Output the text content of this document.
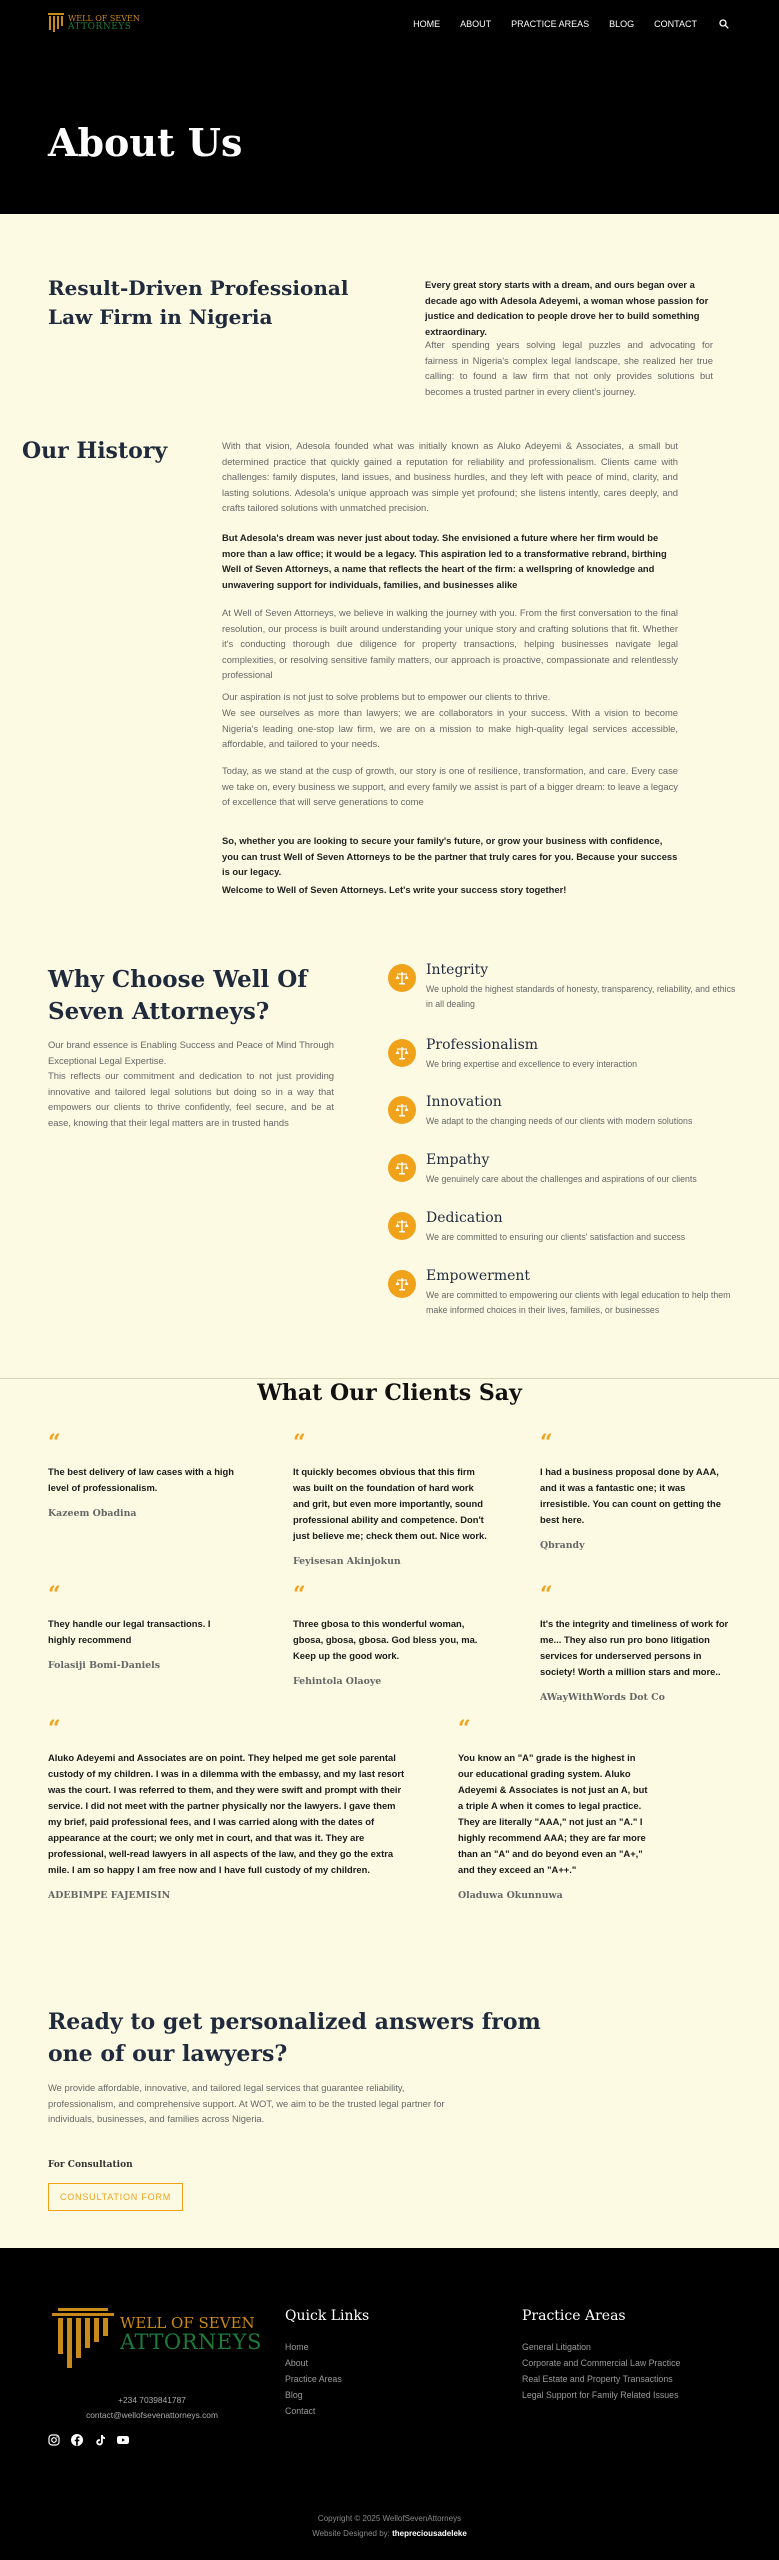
WELL OF SEVEN
ATTORNEYS	HOME ABOUT PRACTICE AREAS BLOG CONTACT
About Us
Result-Driven Professional Law Firm in Nigeria

Every great story starts with a dream, and ours began over a decade ago with Adesola Adeyemi, a woman whose passion for justice and dedication to people drove her to build something extraordinary.

After spending years solving legal puzzles and advocating for fairness in Nigeria's complex legal landscape, she realized her true calling: to found a law firm that not only provides solutions but becomes a trusted partner in every client's journey.

Our History	With that vision, Adesola founded what was initially known as Aluko Adeyemi & Associates, a small but determined practice that quickly gained a reputation for reliability and professionalism. Clients came with challenges: family disputes, land issues, and business hurdles, and they left with peace of mind, clarity, and lasting solutions. Adesola's unique approach was simple yet profound; she listens intently, cares deeply, and crafts tailored solutions with unmatched precision.

But Adesola's dream was never just about today. She envisioned a future where her firm would be more than a law office; it would be a legacy. This aspiration led to a transformative rebrand, birthing Well of Seven Attorneys, a name that reflects the heart of the firm: a wellspring of knowledge and unwavering support for individuals, families, and businesses alike

At Well of Seven Attorneys, we believe in walking the journey with you. From the first conversation to the final resolution, our process is built around understanding your unique story and crafting solutions that fit. Whether it's conducting thorough due diligence for property transactions, helping businesses navigate legal complexities, or resolving sensitive family matters, our approach is proactive, compassionate and relentlessly professional

Our aspiration is not just to solve problems but to empower our clients to thrive.

We see ourselves as more than lawyers; we are collaborators in your success. With a vision to become Nigeria's leading one-stop law firm, we are on a mission to make high-quality legal services accessible, affordable, and tailored to your needs.

Today, as we stand at the cusp of growth, our story is one of resilience, transformation, and care. Every case we take on, every business we support, and every family we assist is part of a bigger dream: to leave a legacy of excellence that will serve generations to come

So, whether you are looking to secure your family's future, or grow your business with confidence, you can trust Well of Seven Attorneys to be the partner that truly cares for you. Because your success is our legacy.

Welcome to Well of Seven Attorneys. Let's write your success story together!

Why Choose Well Of Seven Attorneys?

Our brand essence is Enabling Success and Peace of Mind Through Exceptional Legal Expertise.

This reflects our commitment and dedication to not just providing innovative and tailored legal solutions but doing so in a way that empowers our clients to thrive confidently, feel secure, and be at ease, knowing that their legal matters are in trusted hands

Integrity
We uphold the highest standards of honesty, transparency, reliability, and ethics in all dealing
Professionalism
We bring expertise and excellence to every interaction
Innovation
We adapt to the changing needs of our clients with modern solutions
Empathy
We genuinely care about the challenges and aspirations of our clients
Dedication
We are committed to ensuring our clients' satisfaction and success
Empowerment
We are committed to empowering our clients with legal education to help them make informed choices in their lives, families, or businesses
What Our Clients Say
“
The best delivery of law cases with a high level of professionalism.
Kazeem Obadina
“
It quickly becomes obvious that this firm was built on the foundation of hard work and grit, but even more importantly, sound professional ability and competence. Don't just believe me; check them out. Nice work.
Feyisesan Akinjokun
“
I had a business proposal done by AAA, and it was a fantastic one; it was irresistible. You can count on getting the best here.
Qbrandy
“
They handle our legal transactions. I highly recommend
Folasiji Bomi-Daniels
“
Three gbosa to this wonderful woman, gbosa, gbosa, gbosa. God bless you, ma. Keep up the good work.
Fehintola Olaoye
“
It's the integrity and timeliness of work for me... They also run pro bono litigation services for underserved persons in society! Worth a million stars and more..
AWayWithWords Dot Co
“
Aluko Adeyemi and Associates are on point. They helped me get sole parental custody of my children. I was in a dilemma with the embassy, and my last resort was the court. I was referred to them, and they were swift and prompt with their service. I did not meet with the partner physically nor the lawyers. I gave them my brief, paid professional fees, and I was carried along with the dates of appearance at the court; we only met in court, and that was it. They are professional, well-read lawyers in all aspects of the law, and they go the extra mile. I am so happy I am free now and I have full custody of my children.
ADEBIMPE FAJEMISIN
“
You know an "A" grade is the highest in our educational grading system. Aluko Adeyemi & Associates is not just an A, but a triple A when it comes to legal practice. They are literally "AAA," not just an "A." I highly recommend AAA; they are far more than an "A" and do beyond even an "A+," and they exceed an "A++."
Oladuwa Okunnuwa
Ready to get personalized answers from one of our lawyers?

We provide affordable, innovative, and tailored legal services that guarantee reliability, professionalism, and comprehensive support. At WOT, we aim to be the trusted legal partner for individuals, businesses, and families across Nigeria.

For Consultation
CONSULTATION FORM
WELL OF SEVEN
ATTORNEYS
+234 7039841787
contact@wellofsevenattorneys.com
Quick Links
Home
About
Practice Areas
Blog
Contact
Practice Areas
General Litigation
Corporate and Commercial Law Practice
Real Estate and Property Transactions
Legal Support for Family Related Issues
Copyright © 2025 WellofSevenAttorneys
Website Designed by: thepreciousadeleke
